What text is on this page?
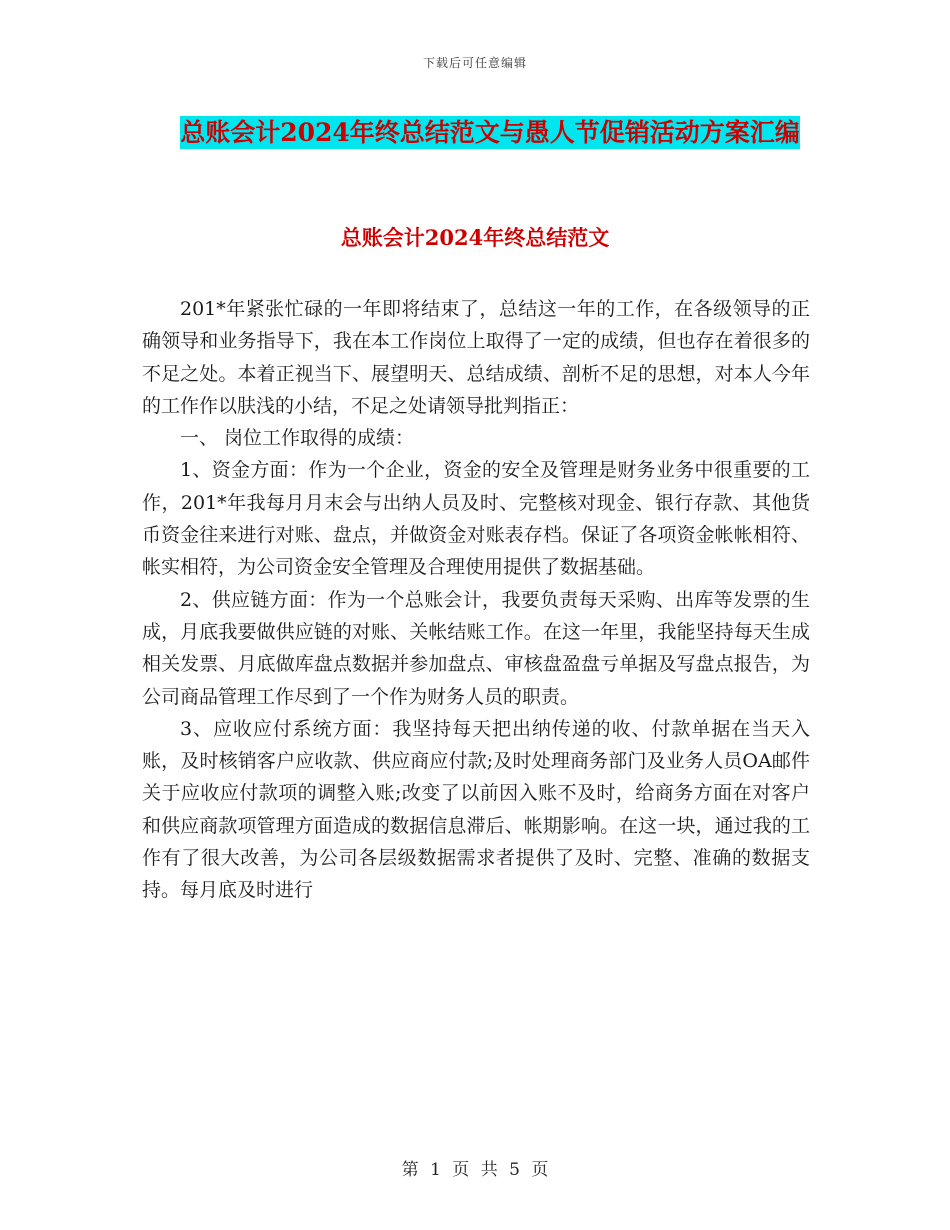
下载后可任意编辑
总账会计2024年终总结范文与愚人节促销活动方案汇编
总账会计2024年终总结范文

201*年紧张忙碌的一年即将结束了，总结这一年的工作，在各级领导的正确领导和业务指导下，我在本工作岗位上取得了一定的成绩，但也存在着很多的不足之处。本着正视当下、展望明天、总结成绩、剖析不足的思想，对本人今年的工作作以肤浅的小结，不足之处请领导批判指正：

一、 岗位工作取得的成绩：

1、资金方面：作为一个企业，资金的安全及管理是财务业务中很重要的工作，201*年我每月月末会与出纳人员及时、完整核对现金、银行存款、其他货币资金往来进行对账、盘点，并做资金对账表存档。保证了各项资金帐帐相符、帐实相符，为公司资金安全管理及合理使用提供了数据基础。

2、供应链方面：作为一个总账会计，我要负责每天采购、出库等发票的生成，月底我要做供应链的对账、关帐结账工作。在这一年里，我能坚持每天生成相关发票、月底做库盘点数据并参加盘点、审核盘盈盘亏单据及写盘点报告，为公司商品管理工作尽到了一个作为财务人员的职责。

3、应收应付系统方面：我坚持每天把出纳传递的收、付款单据在当天入账，及时核销客户应收款、供应商应付款;及时处理商务部门及业务人员OA邮件关于应收应付款项的调整入账;改变了以前因入账不及时，给商务方面在对客户和供应商款项管理方面造成的数据信息滞后、帐期影响。在这一块，通过我的工作有了很大改善，为公司各层级数据需求者提供了及时、完整、准确的数据支持。每月底及时进行

第 1 页 共 5 页
